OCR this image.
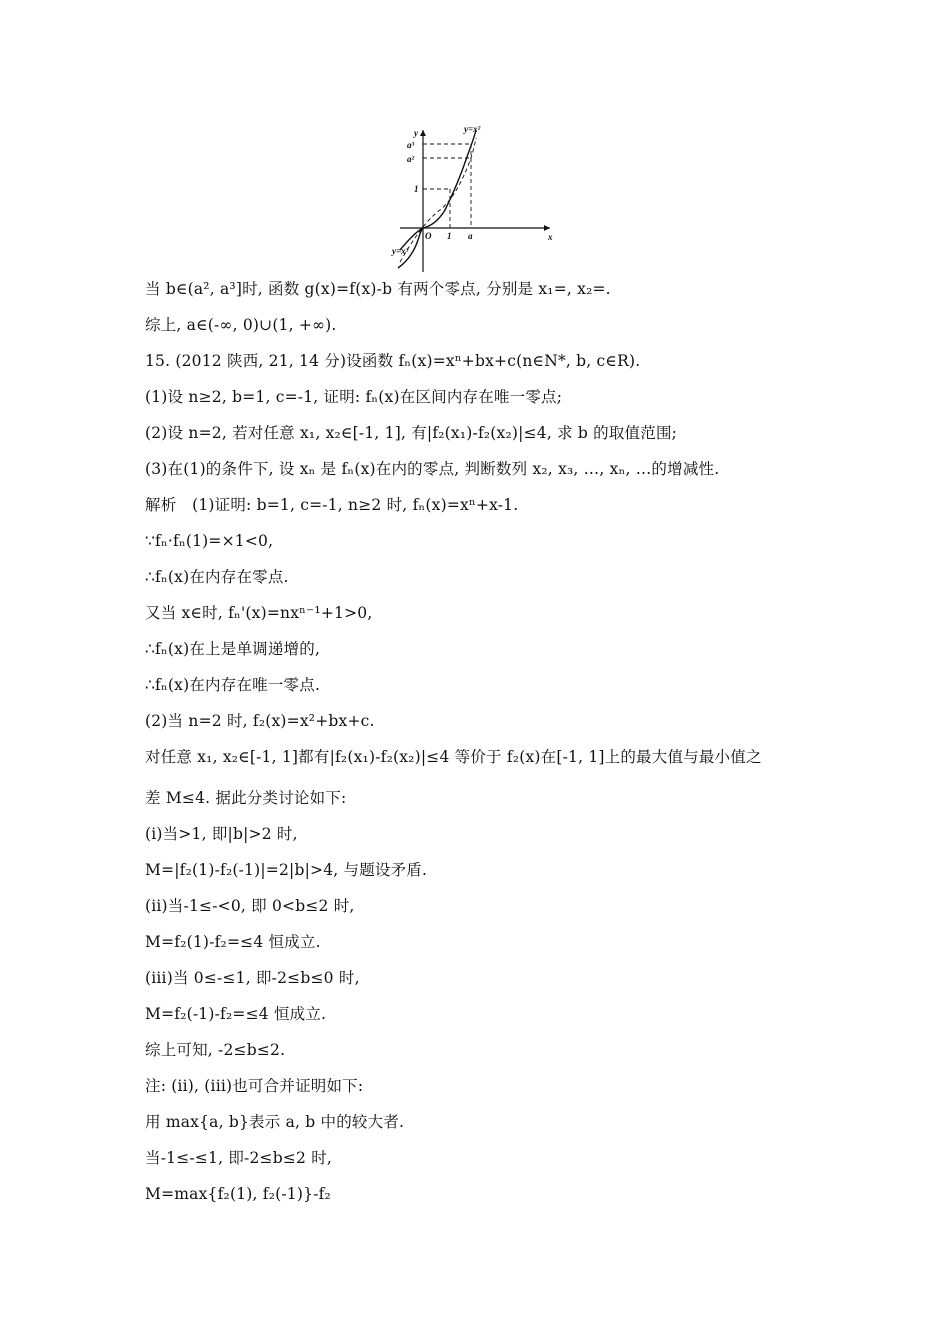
y
x
O 1 a
1
a²
a³
y=x²
y=x³
当 b∈(a², a³]时, 函数 g(x)=f(x)-b 有两个零点, 分别是 x₁=, x₂=.
综上, a∈(-∞, 0)∪(1, +∞).
15. (2012 陕西, 21, 14 分)设函数 fₙ(x)=xⁿ+bx+c(n∈N*, b, c∈R).
(1)设 n≥2, b=1, c=-1, 证明: fₙ(x)在区间内存在唯一零点;
(2)设 n=2, 若对任意 x₁, x₂∈[-1, 1], 有|f₂(x₁)-f₂(x₂)|≤4, 求 b 的取值范围;
(3)在(1)的条件下, 设 xₙ 是 fₙ(x)在内的零点, 判断数列 x₂, x₃, …, xₙ, …的增减性.
解析　(1)证明: b=1, c=-1, n≥2 时, fₙ(x)=xⁿ+x-1.
∵fₙ·fₙ(1)=×1<0,
∴fₙ(x)在内存在零点.
又当 x∈时, fₙ'(x)=nxⁿ⁻¹+1>0,
∴fₙ(x)在上是单调递增的,
∴fₙ(x)在内存在唯一零点.
(2)当 n=2 时, f₂(x)=x²+bx+c.
对任意 x₁, x₂∈[-1, 1]都有|f₂(x₁)-f₂(x₂)|≤4 等价于 f₂(x)在[-1, 1]上的最大值与最小值之
差 M≤4. 据此分类讨论如下:
(i)当>1, 即|b|>2 时,
M=|f₂(1)-f₂(-1)|=2|b|>4, 与题设矛盾.
(ii)当-1≤-<0, 即 0<b≤2 时,
M=f₂(1)-f₂=≤4 恒成立.
(iii)当 0≤-≤1, 即-2≤b≤0 时,
M=f₂(-1)-f₂=≤4 恒成立.
综上可知, -2≤b≤2.
注: (ii), (iii)也可合并证明如下:
用 max{a, b}表示 a, b 中的较大者.
当-1≤-≤1, 即-2≤b≤2 时,
M=max{f₂(1), f₂(-1)}-f₂
